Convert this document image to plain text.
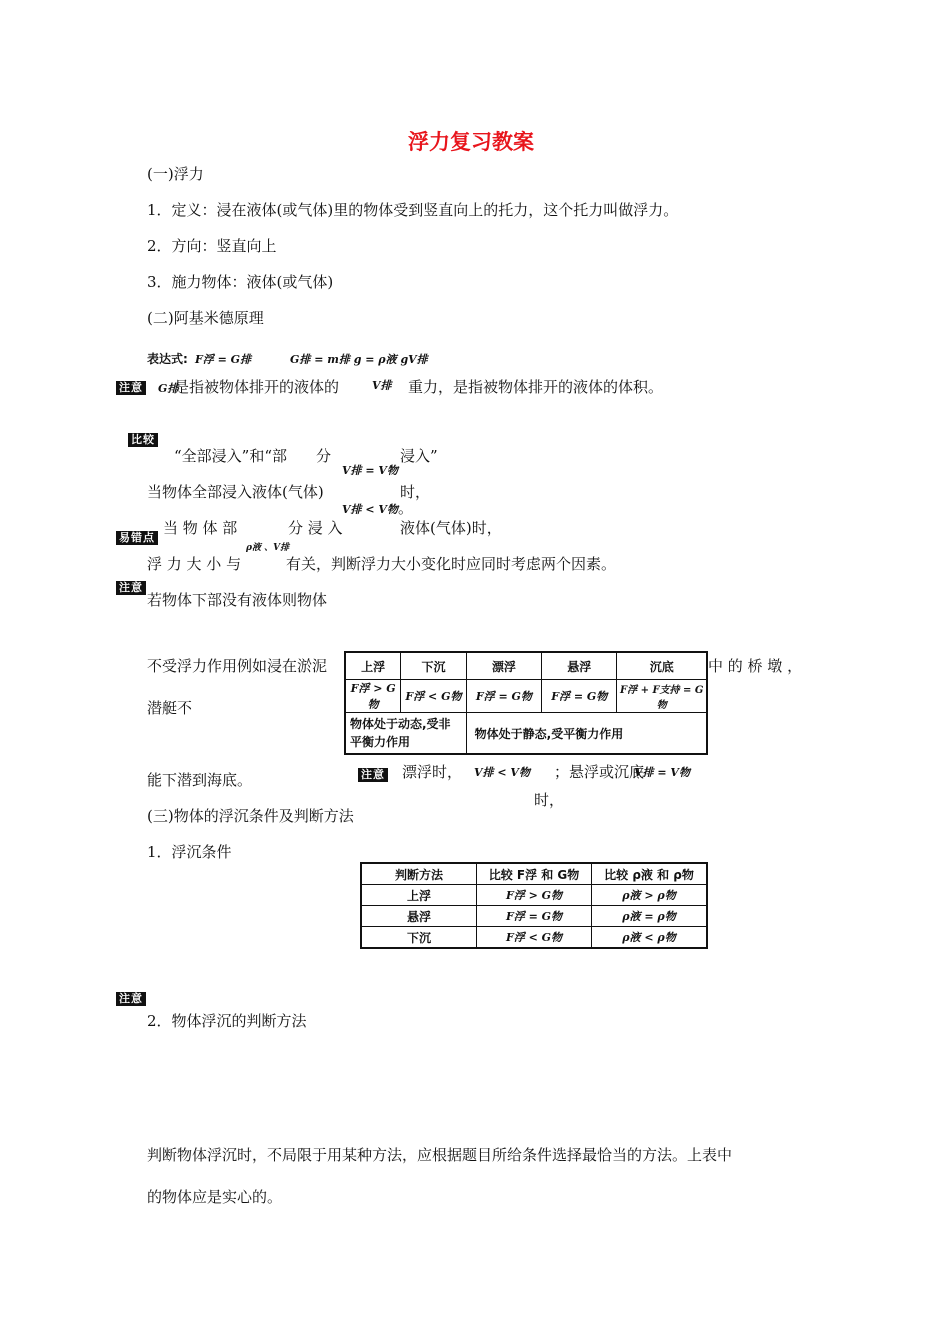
浮力复习教案
(一)浮力
1．定义：浸在液体(或气体)里的物体受到竖直向上的托力，这个托力叫做浮力。
2．方向：竖直向上
3．施力物体：液体(或气体)
(二)阿基米德原理
表达式: F浮 = G排	G排 = m排 g = ρ液 gV排
注意 G排
是指被物体排开的液体的	V排 重力，是指被物体排开的液体的体积。
比较
“全部浸入”和“部 分	浸入”
V排 = V物
当物体全部浸入液体(气体)	时，
V排 < V物。
易错点
当 物 体 部	分 浸 入	液体(气体)时，
ρ液 、V排
浮 力 大 小 与	有关，判断浮力大小变化时应同时考虑两个因素。
注意
若物体下部没有液体则物体
不受浮力作用例如浸在淤泥	中 的 桥 墩 ，
潜艇不
上浮	下沉	漂浮	悬浮	沉底
F浮 > G物	F浮 < G物	F浮 = G物	F浮 = G物	F浮 + F支持 = G物
物体处于动态,受非平衡力作用		物体处于静态,受平衡力作用		
注意 漂浮时， V排 < V物 ；悬浮或沉底
V排 = V物
时，
能下潜到海底。
(三)物体的浮沉条件及判断方法
1．浮沉条件
判断方法	比较 F浮 和 G物	比较 ρ液 和 ρ物
上浮	F浮 > G物	ρ液 > ρ物
悬浮	F浮 = G物	ρ液 = ρ物
下沉	F浮 < G物	ρ液 < ρ物
注意
2．物体浮沉的判断方法
判断物体浮沉时，不局限于用某种方法，应根据题目所给条件选择最恰当的方法。上表中
的物体应是实心的。
